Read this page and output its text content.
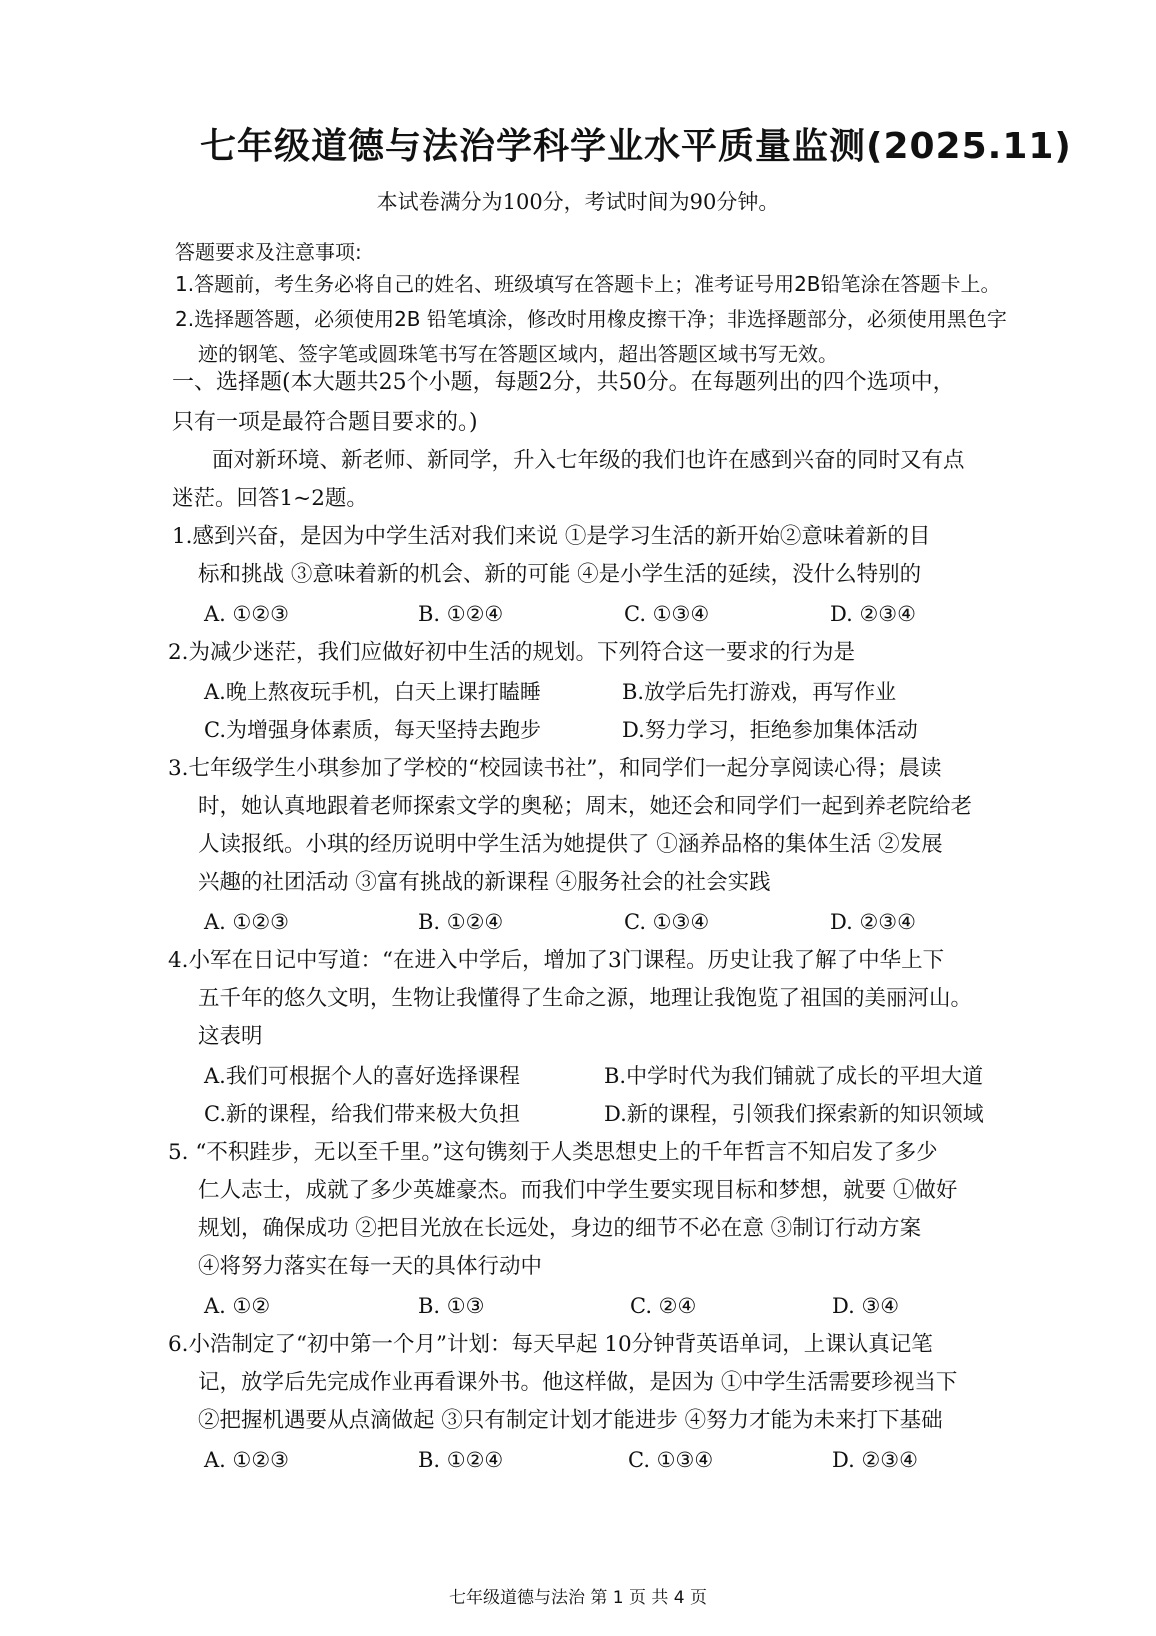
七年级道德与法治学科学业水平质量监测(2025.11)
本试卷满分为100分，考试时间为90分钟。
答题要求及注意事项:
1.答题前，考生务必将自己的姓名、班级填写在答题卡上；准考证号用2B铅笔涂在答题卡上。
2.选择题答题，必须使用2B 铅笔填涂，修改时用橡皮擦干净；非选择题部分，必须使用黑色字
迹的钢笔、签字笔或圆珠笔书写在答题区域内，超出答题区域书写无效。
一、选择题(本大题共25个小题，每题2分，共50分。在每题列出的四个选项中，
只有一项是最符合题目要求的。)
面对新环境、新老师、新同学，升入七年级的我们也许在感到兴奋的同时又有点
迷茫。回答1~2题。
1.感到兴奋，是因为中学生活对我们来说 ①是学习生活的新开始②意味着新的目
标和挑战 ③意味着新的机会、新的可能 ④是小学生活的延续，没什么特别的
A. ①②③	B. ①②④	C. ①③④	D. ②③④
2.为减少迷茫，我们应做好初中生活的规划。下列符合这一要求的行为是
A.晚上熬夜玩手机，白天上课打瞌睡	B.放学后先打游戏，再写作业
C.为增强身体素质，每天坚持去跑步	D.努力学习，拒绝参加集体活动
3.七年级学生小琪参加了学校的“校园读书社”，和同学们一起分享阅读心得；晨读
时，她认真地跟着老师探索文学的奥秘；周末，她还会和同学们一起到养老院给老
人读报纸。小琪的经历说明中学生活为她提供了 ①涵养品格的集体生活 ②发展
兴趣的社团活动 ③富有挑战的新课程 ④服务社会的社会实践
A. ①②③	B. ①②④	C. ①③④	D. ②③④
4.小军在日记中写道：“在进入中学后，增加了3门课程。历史让我了解了中华上下
五千年的悠久文明，生物让我懂得了生命之源，地理让我饱览了祖国的美丽河山。
这表明
A.我们可根据个人的喜好选择课程	B.中学时代为我们铺就了成长的平坦大道
C.新的课程，给我们带来极大负担	D.新的课程，引领我们探索新的知识领域
5. “不积跬步，无以至千里。”这句镌刻于人类思想史上的千年哲言不知启发了多少
仁人志士，成就了多少英雄豪杰。而我们中学生要实现目标和梦想，就要 ①做好
规划，确保成功 ②把目光放在长远处，身边的细节不必在意 ③制订行动方案
④将努力落实在每一天的具体行动中
A. ①②	B. ①③	C. ②④	D. ③④
6.小浩制定了“初中第一个月”计划：每天早起 10分钟背英语单词，上课认真记笔
记，放学后先完成作业再看课外书。他这样做，是因为 ①中学生活需要珍视当下
②把握机遇要从点滴做起 ③只有制定计划才能进步 ④努力才能为未来打下基础
A. ①②③	B. ①②④	C. ①③④	D. ②③④
七年级道德与法治 第 1 页 共 4 页
